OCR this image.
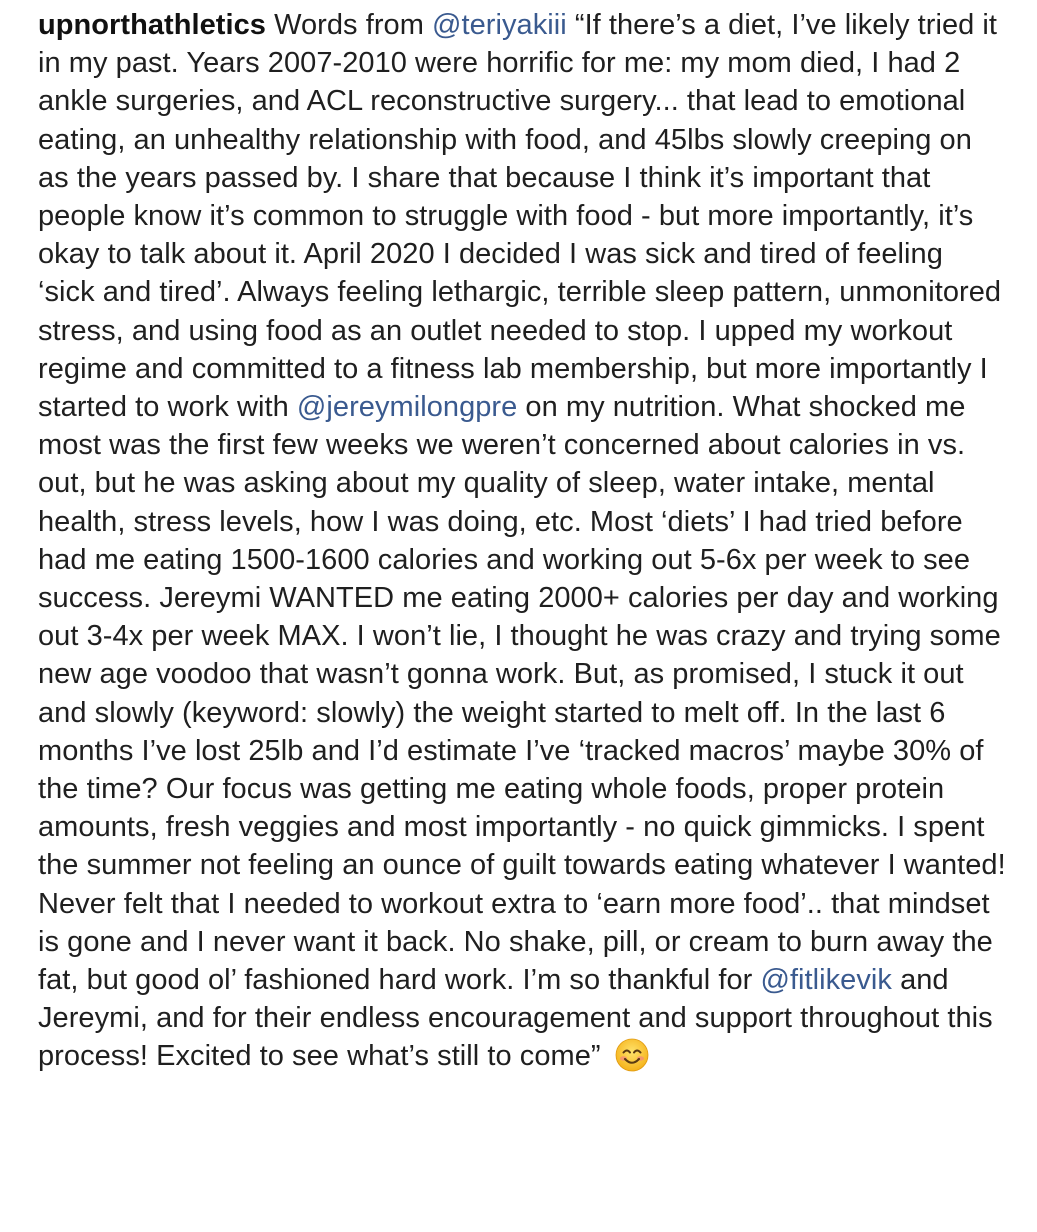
upnorthathletics Words from @teriyakiii “If there’s a diet, I’ve likely tried it in my past. Years 2007-2010 were horrific for me: my mom died, I had 2 ankle surgeries, and ACL reconstructive surgery... that lead to emotional eating, an unhealthy relationship with food, and 45lbs slowly creeping on as the years passed by. I share that because I think it’s important that people know it’s common to struggle with food - but more importantly, it’s okay to talk about it. April 2020 I decided I was sick and tired of feeling ‘sick and tired’. Always feeling lethargic, terrible sleep pattern, unmonitored stress, and using food as an outlet needed to stop. I upped my workout regime and committed to a fitness lab membership, but more importantly I started to work with @jereymilongpre on my nutrition. What shocked me most was the first few weeks we weren’t concerned about calories in vs. out, but he was asking about my quality of sleep, water intake, mental health, stress levels, how I was doing, etc. Most ‘diets’ I had tried before had me eating 1500-1600 calories and working out 5-6x per week to see success. Jereymi WANTED me eating 2000+ calories per day and working out 3-4x per week MAX. I won’t lie, I thought he was crazy and trying some new age voodoo that wasn’t gonna work. But, as promised, I stuck it out and slowly (keyword: slowly) the weight started to melt off. In the last 6 months I’ve lost 25lb and I’d estimate I’ve ‘tracked macros’ maybe 30% of the time? Our focus was getting me eating whole foods, proper protein amounts, fresh veggies and most importantly - no quick gimmicks. I spent the summer not feeling an ounce of guilt towards eating whatever I wanted! Never felt that I needed to workout extra to ‘earn more food’.. that mindset is gone and I never want it back. No shake, pill, or cream to burn away the fat, but good ol’ fashioned hard work. I’m so thankful for @fitlikevik and Jereymi, and for their endless encouragement and support throughout this process! Excited to see what’s still to come”
